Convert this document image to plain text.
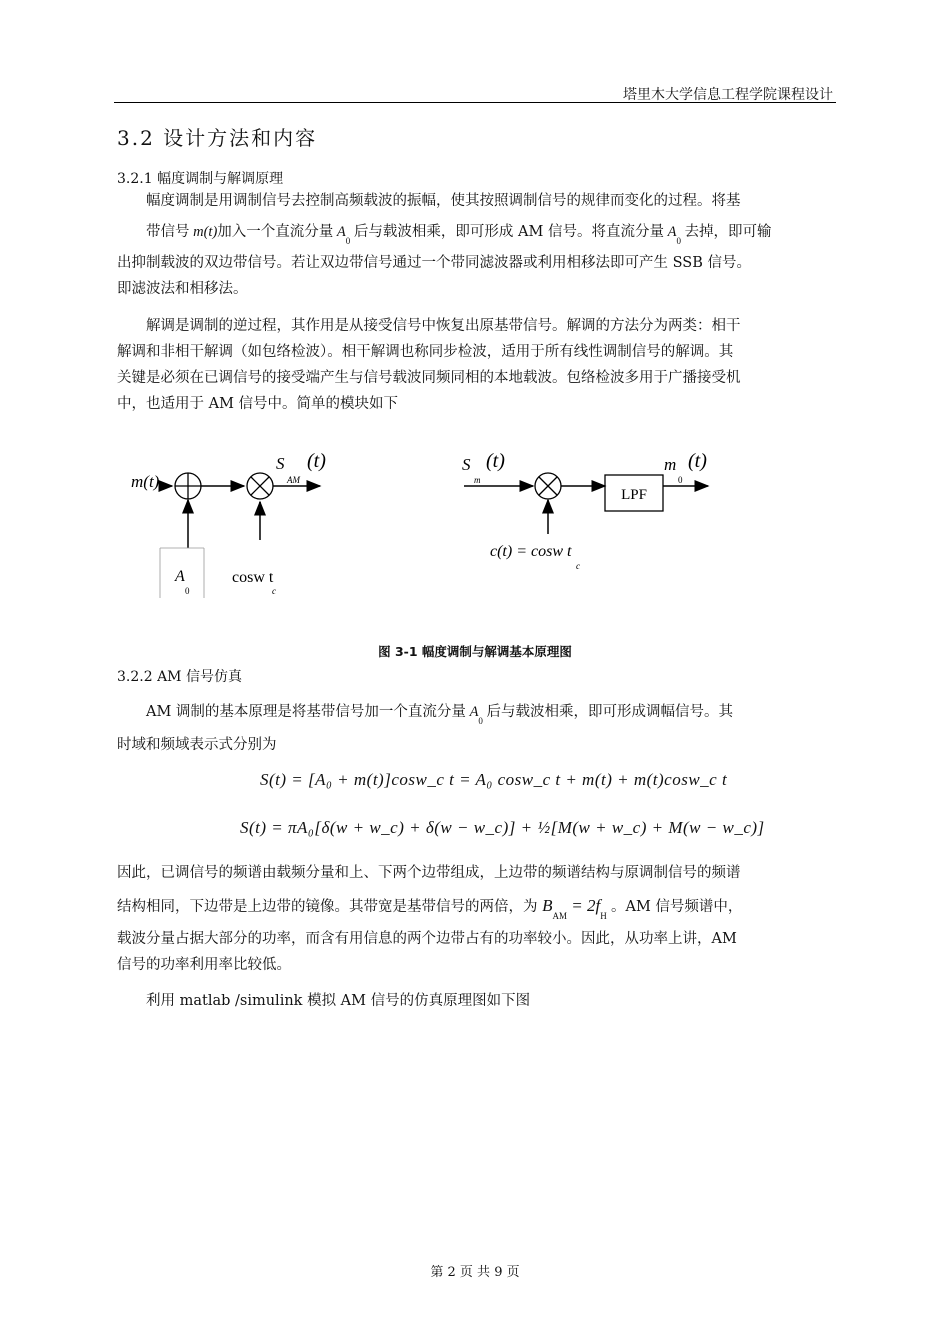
塔里木大学信息工程学院课程设计
3.2 设计方法和内容
3.2.1 幅度调制与解调原理
幅度调制是用调制信号去控制高频载波的振幅，使其按照调制信号的规律而变化的过程。将基
带信号 m(t)加入一个直流分量 $A_0$ 后与载波相乘，即可形成 AM 信号。将直流分量 $A_0$ 去掉，即可输
出抑制载波的双边带信号。若让双边带信号通过一个带同滤波器或利用相移法即可产生 SSB 信号。
即滤波法和相移法。
解调是调制的逆过程，其作用是从接受信号中恢复出原基带信号。解调的方法分为两类：相干
解调和非相干解调（如包络检波）。相干解调也称同步检波，适用于所有线性调制信号的解调。其
关键是必须在已调信号的接受端产生与信号载波同频同相的本地载波。包络检波多用于广播接受机
中，也适用于 AM 信号中。简单的模块如下
m(t)
S
AM
(t)
A
0
cosw t
c
S
m
(t)
LPF
m
0
(t)
c(t) = cosw t
c
图 3-1 幅度调制与解调基本原理图
3.2.2 AM 信号仿真
AM 调制的基本原理是将基带信号加一个直流分量 $A_0$ 后与载波相乘，即可形成调幅信号。其
时域和频域表示式分别为
S(t) = [A₀ + m(t)]cosw_c t = A₀ cosw_c t + m(t) + m(t)cosw_c t
S(t) = πA₀[δ(w + w_c) + δ(w − w_c)] + ½[M(w + w_c) + M(w − w_c)]
因此，已调信号的频谱由载频分量和上、下两个边带组成，上边带的频谱结构与原调制信号的频谱
结构相同，下边带是上边带的镜像。其带宽是基带信号的两倍，为 $B_{AM} = 2f_H$ 。AM 信号频谱中，
载波分量占据大部分的功率，而含有用信息的两个边带占有的功率较小。因此，从功率上讲，AM
信号的功率利用率比较低。
利用 matlab /simulink 模拟 AM 信号的仿真原理图如下图
第 2 页 共 9 页
